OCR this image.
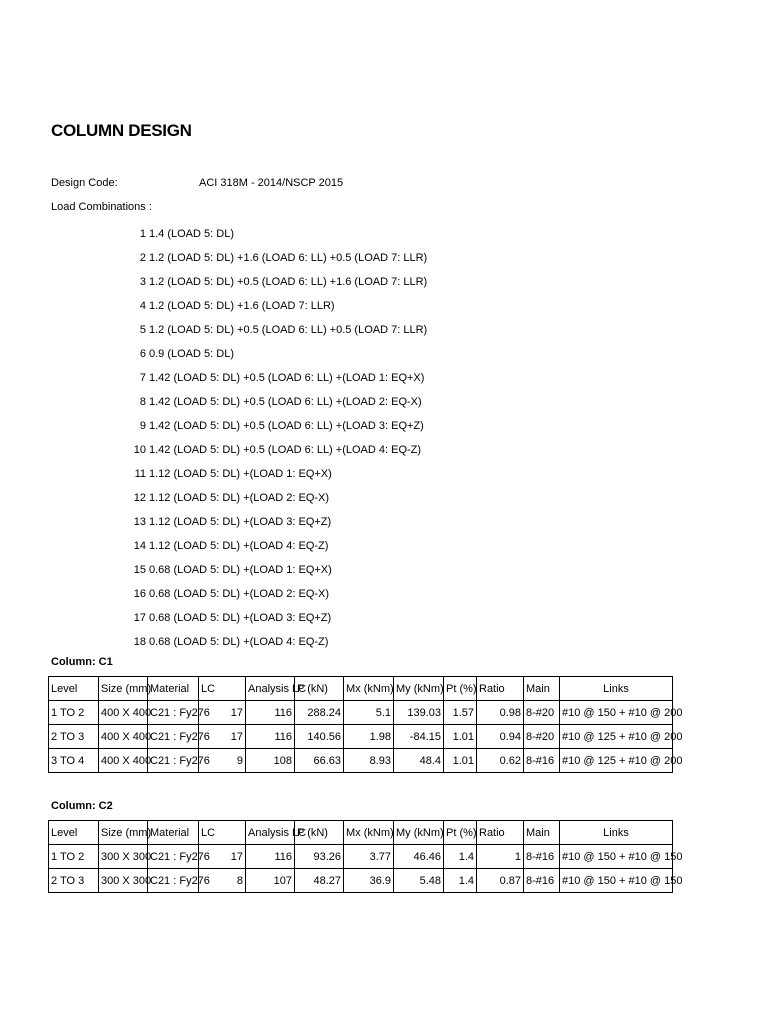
COLUMN DESIGN
Design Code:	ACI 318M - 2014/NSCP 2015
Load Combinations :
1 1.4 (LOAD 5: DL)
2 1.2 (LOAD 5: DL) +1.6 (LOAD 6: LL) +0.5 (LOAD 7: LLR)
3 1.2 (LOAD 5: DL) +0.5 (LOAD 6: LL) +1.6 (LOAD 7: LLR)
4 1.2 (LOAD 5: DL) +1.6 (LOAD 7: LLR)
5 1.2 (LOAD 5: DL) +0.5 (LOAD 6: LL) +0.5 (LOAD 7: LLR)
6 0.9 (LOAD 5: DL)
7 1.42 (LOAD 5: DL) +0.5 (LOAD 6: LL) +(LOAD 1: EQ+X)
8 1.42 (LOAD 5: DL) +0.5 (LOAD 6: LL) +(LOAD 2: EQ-X)
9 1.42 (LOAD 5: DL) +0.5 (LOAD 6: LL) +(LOAD 3: EQ+Z)
10 1.42 (LOAD 5: DL) +0.5 (LOAD 6: LL) +(LOAD 4: EQ-Z)
11 1.12 (LOAD 5: DL) +(LOAD 1: EQ+X)
12 1.12 (LOAD 5: DL) +(LOAD 2: EQ-X)
13 1.12 (LOAD 5: DL) +(LOAD 3: EQ+Z)
14 1.12 (LOAD 5: DL) +(LOAD 4: EQ-Z)
15 0.68 (LOAD 5: DL) +(LOAD 1: EQ+X)
16 0.68 (LOAD 5: DL) +(LOAD 2: EQ-X)
17 0.68 (LOAD 5: DL) +(LOAD 3: EQ+Z)
18 0.68 (LOAD 5: DL) +(LOAD 4: EQ-Z)
Column: C1
Level	Size (mm)	Material	LC	Analysis LC	P (kN)	Mx (kNm)	My (kNm)	Pt (%)	Ratio	Main	Links
1 TO 2	400 X 400	C21 : Fy276	17	116	288.24	5.1	139.03	1.57	0.98	8-#20	#10 @ 150 + #10 @ 200
2 TO 3	400 X 400	C21 : Fy276	17	116	140.56	1.98	-84.15	1.01	0.94	8-#20	#10 @ 125 + #10 @ 200
3 TO 4	400 X 400	C21 : Fy276	9	108	66.63	8.93	48.4	1.01	0.62	8-#16	#10 @ 125 + #10 @ 200
Column: C2
Level	Size (mm)	Material	LC	Analysis LC	P (kN)	Mx (kNm)	My (kNm)	Pt (%)	Ratio	Main	Links
1 TO 2	300 X 300	C21 : Fy276	17	116	93.26	3.77	46.46	1.4	1	8-#16	#10 @ 150 + #10 @ 150
2 TO 3	300 X 300	C21 : Fy276	8	107	48.27	36.9	5.48	1.4	0.87	8-#16	#10 @ 150 + #10 @ 150
